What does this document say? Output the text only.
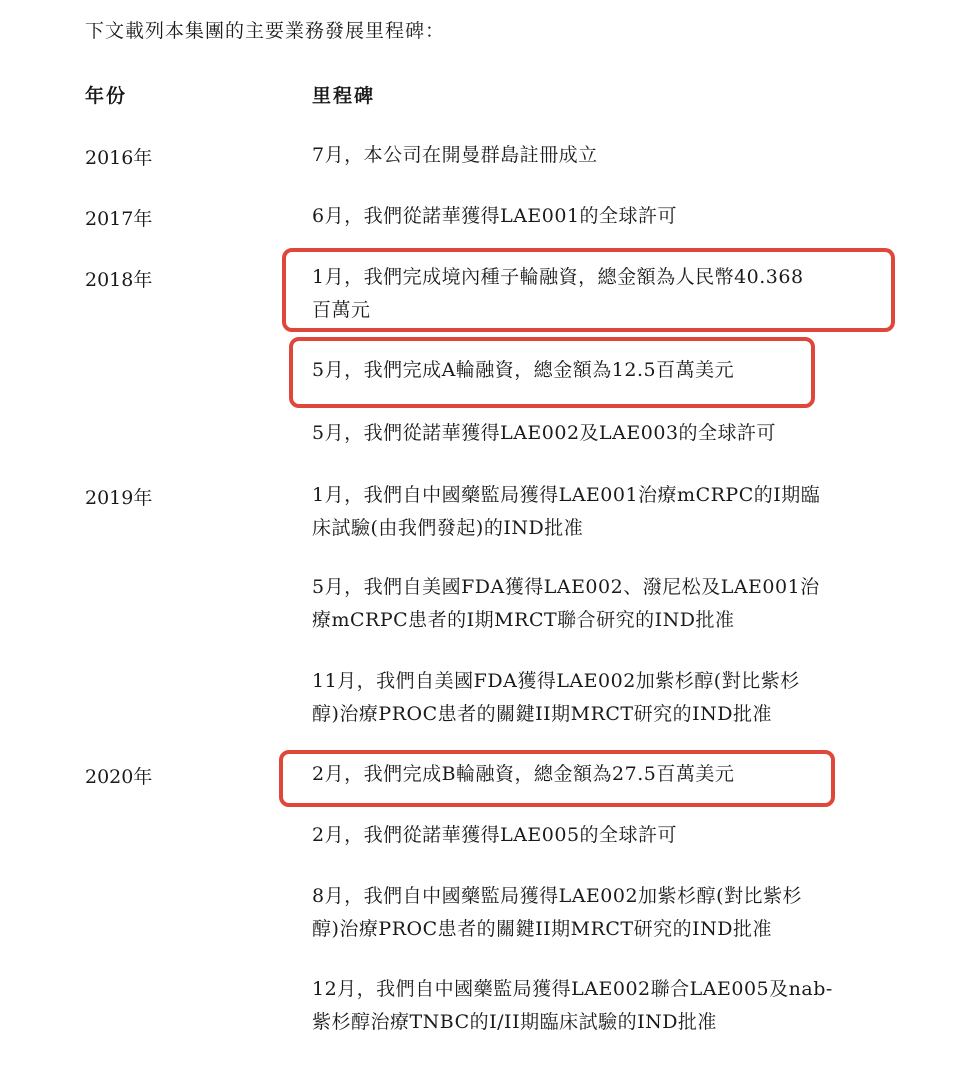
下文載列本集團的主要業務發展里程碑：
年份	里程碑
2016年
2017年
2018年
2019年
2020年
7月，本公司在開曼群島註冊成立
6月，我們從諾華獲得LAE001的全球許可
1月，我們完成境內種子輪融資，總金額為人民幣40.368
百萬元
5月，我們完成A輪融資，總金額為12.5百萬美元
5月，我們從諾華獲得LAE002及LAE003的全球許可
1月，我們自中國藥監局獲得LAE001治療mCRPC的I期臨
床試驗(由我們發起)的IND批准
5月，我們自美國FDA獲得LAE002、潑尼松及LAE001治
療mCRPC患者的I期MRCT聯合研究的IND批准
11月，我們自美國FDA獲得LAE002加紫杉醇(對比紫杉
醇)治療PROC患者的關鍵II期MRCT研究的IND批准
2月，我們完成B輪融資，總金額為27.5百萬美元
2月，我們從諾華獲得LAE005的全球許可
8月，我們自中國藥監局獲得LAE002加紫杉醇(對比紫杉
醇)治療PROC患者的關鍵II期MRCT研究的IND批准
12月，我們自中國藥監局獲得LAE002聯合LAE005及nab-
紫杉醇治療TNBC的I/II期臨床試驗的IND批准
